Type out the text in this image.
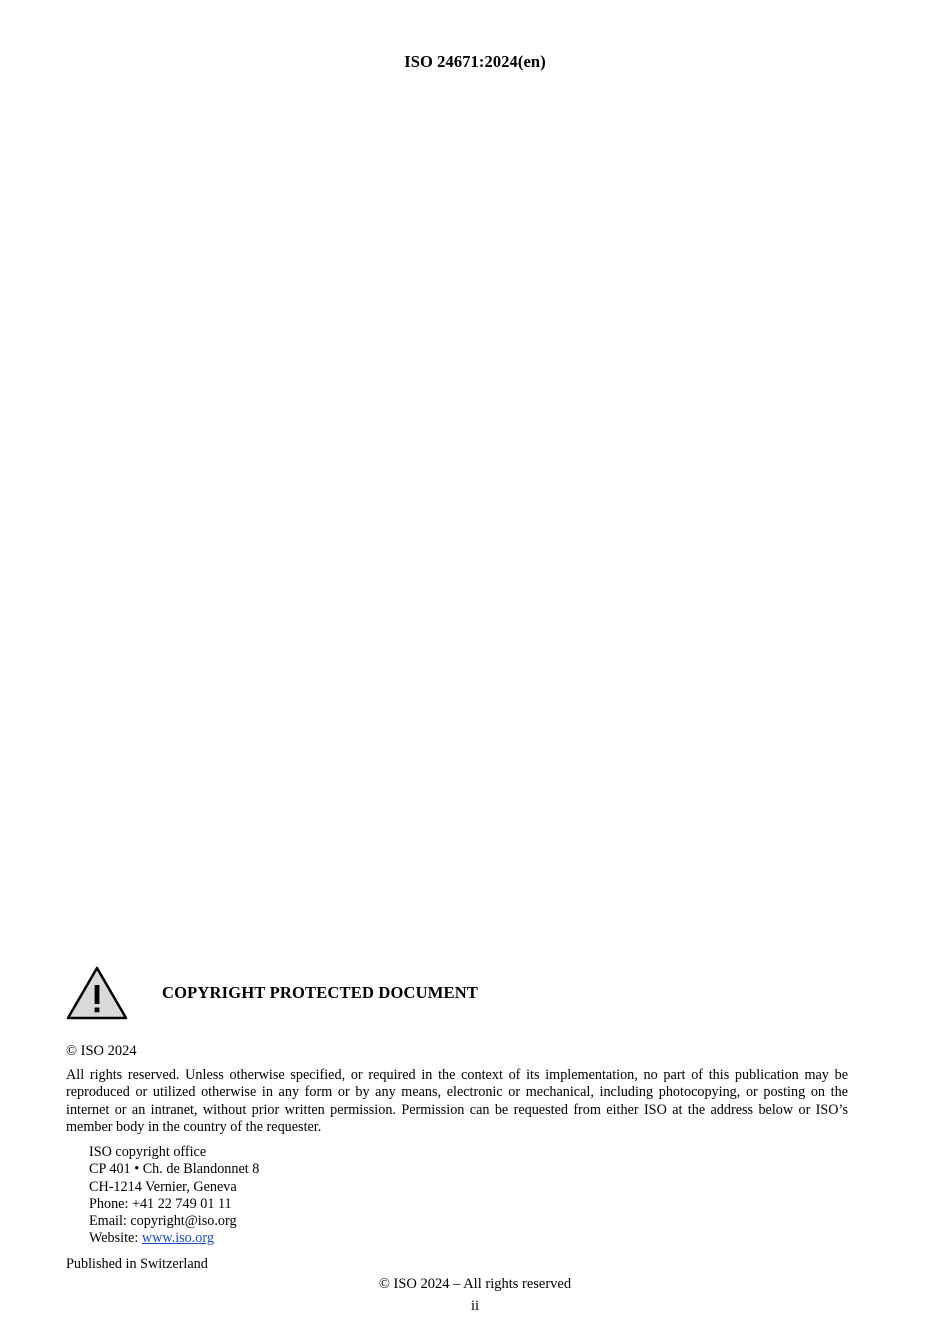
ISO 24671:2024(en)
COPYRIGHT PROTECTED DOCUMENT
© ISO 2024
All rights reserved. Unless otherwise specified, or required in the context of its implementation, no part of this publication may be reproduced or utilized otherwise in any form or by any means, electronic or mechanical, including photocopying, or posting on the internet or an intranet, without prior written permission. Permission can be requested from either ISO at the address below or ISO’s member body in the country of the requester.
ISO copyright office
CP 401 • Ch. de Blandonnet 8
CH-1214 Vernier, Geneva
Phone: +41 22 749 01 11
Email: copyright@iso.org
Website: www.iso.org
Published in Switzerland
© ISO 2024 – All rights reserved
ii
